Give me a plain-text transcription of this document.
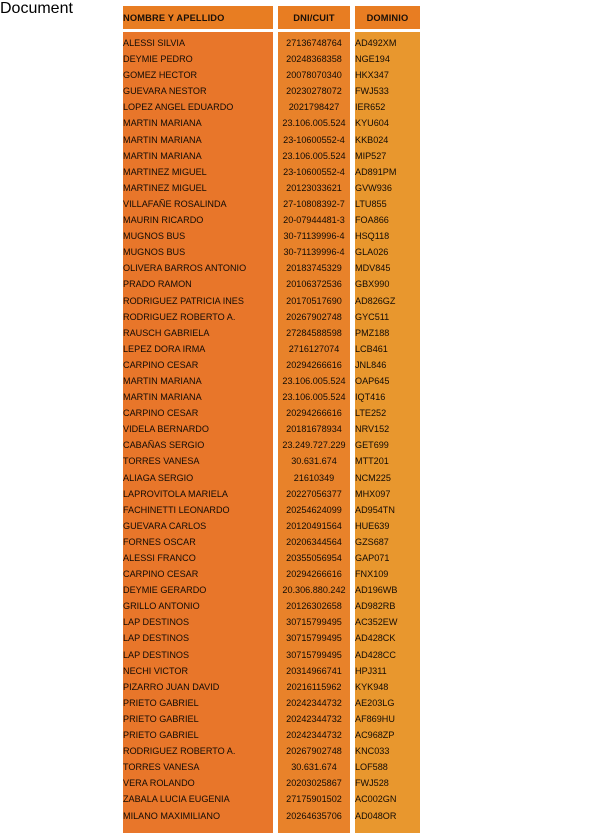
NOMBRE Y APELLIDO	DNI/CUIT	DOMINIO

ALESSI SILVIA	27136748764	AD492XM
DEYMIE PEDRO	20248368358	NGE194
GOMEZ HECTOR	20078070340	HKX347
GUEVARA NESTOR	20230278072	FWJ533
LOPEZ ANGEL EDUARDO	2021798427	IER652
MARTIN MARIANA	23.106.005.524	KYU604
MARTIN MARIANA	23-10600552-4	KKB024
MARTIN MARIANA	23.106.005.524	MIP527
MARTINEZ MIGUEL	23-10600552-4	AD891PM
MARTINEZ MIGUEL	20123033621	GVW936
VILLAFAÑE ROSALINDA	27-10808392-7	LTU855
MAURIN RICARDO	20-07944481-3	FOA866
MUGNOS BUS	30-71139996-4	HSQ118
MUGNOS BUS	30-71139996-4	GLA026
OLIVERA BARROS ANTONIO	20183745329	MDV845
PRADO RAMON	20106372536	GBX990
RODRIGUEZ PATRICIA INES	20170517690	AD826GZ
RODRIGUEZ ROBERTO A.	20267902748	GYC511
RAUSCH GABRIELA	27284588598	PMZ188
LEPEZ DORA IRMA	2716127074	LCB461
CARPINO CESAR	20294266616	JNL846
MARTIN MARIANA	23.106.005.524	OAP645
MARTIN MARIANA	23.106.005.524	IQT416
CARPINO CESAR	20294266616	LTE252
VIDELA BERNARDO	20181678934	NRV152
CABAÑAS SERGIO	23.249.727.229	GET699
TORRES VANESA	30.631.674	MTT201
ALIAGA SERGIO	21610349	NCM225
LAPROVITOLA MARIELA	20227056377	MHX097
FACHINETTI LEONARDO	20254624099	AD954TN
GUEVARA CARLOS	20120491564	HUE639
FORNES OSCAR	20206344564	GZS687
ALESSI FRANCO	20355056954	GAP071
CARPINO CESAR	20294266616	FNX109
DEYMIE GERARDO	20.306.880.242	AD196WB
GRILLO ANTONIO	20126302658	AD982RB
LAP DESTINOS	30715799495	AC352EW
LAP DESTINOS	30715799495	AD428CK
LAP DESTINOS	30715799495	AD428CC
NECHI VICTOR	20314966741	HPJ311
PIZARRO JUAN DAVID	20216115962	KYK948
PRIETO GABRIEL	20242344732	AE203LG
PRIETO GABRIEL	20242344732	AF869HU
PRIETO GABRIEL	20242344732	AC968ZP
RODRIGUEZ ROBERTO A.	20267902748	KNC033
TORRES VANESA	30.631.674	LOF588
VERA ROLANDO	20203025867	FWJ528
ZABALA LUCIA EUGENIA	27175901502	AC002GN
MILANO MAXIMILIANO	20264635706	AD048OR

Document
